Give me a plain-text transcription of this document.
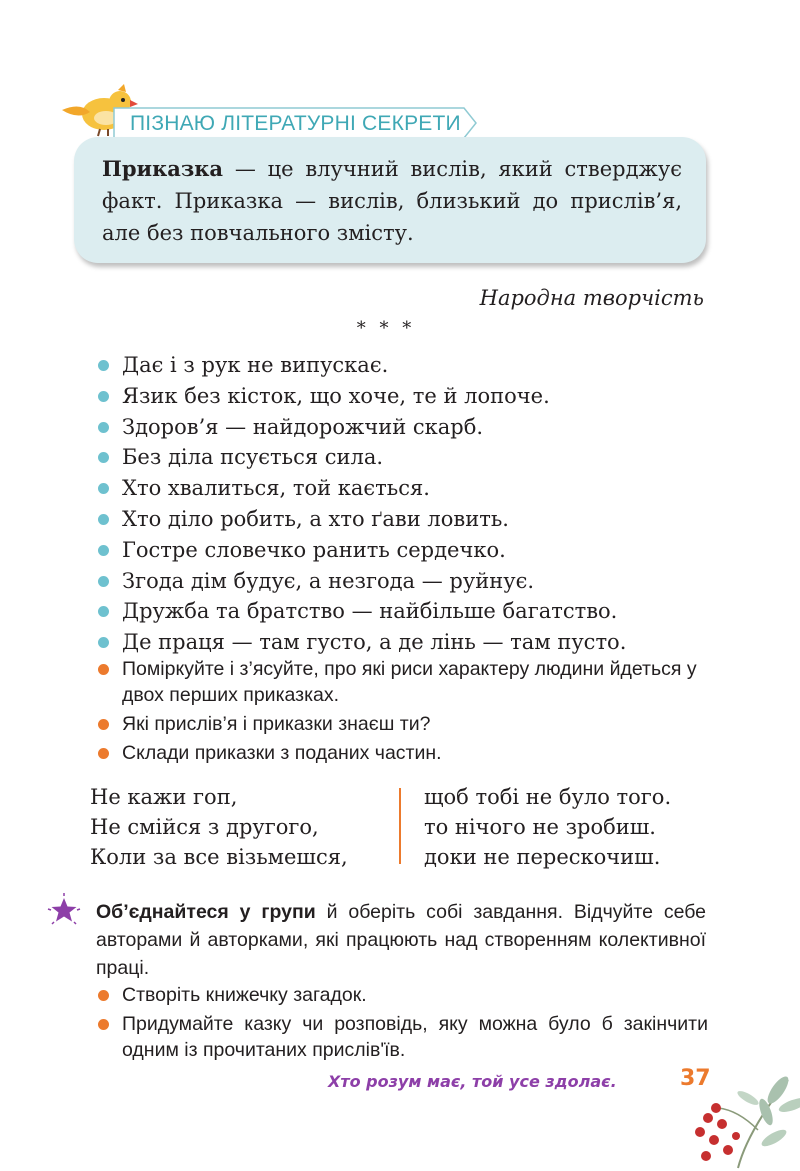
ПІЗНАЮ ЛІТЕРАТУРНІ СЕКРЕТИ
Приказка — це влучний вислів, який стверджує факт. Приказка — вислів, близький до прислів’я, але без повчального змісту.
Народна творчість
* * *
Дає і з рук не випускає.
Язик без кісток, що хоче, те й лопоче.
Здоров’я — найдорожчий скарб.
Без діла псується сила.
Хто хвалиться, той кається.
Хто діло робить, а хто ґави ловить.
Гостре словечко ранить сердечко.
Згода дім будує, а незгода — руйнує.
Дружба та братство — найбільше багатство.
Де праця — там густо, а де лінь — там пусто.
Поміркуйте і з’ясуйте, про які риси характеру людини йдеться у двох перших приказках.
Які прислів’я і приказки знаєш ти?
Склади приказки з поданих частин.
Не кажи гоп,
Не смійся з другого,
Коли за все візьмешся,
щоб тобі не було того.
то нічого не зробиш.
доки не перескочиш.
Об’єднайтеся у групи й оберіть собі завдання. Відчуйте себе авторами й авторками, які працюють над створенням колективної праці.
Створіть книжечку загадок.
Придумайте казку чи розповідь, яку можна було б закінчити одним із прочитаних прислів'їв.
Хто розум має, той усе здолає.	37
